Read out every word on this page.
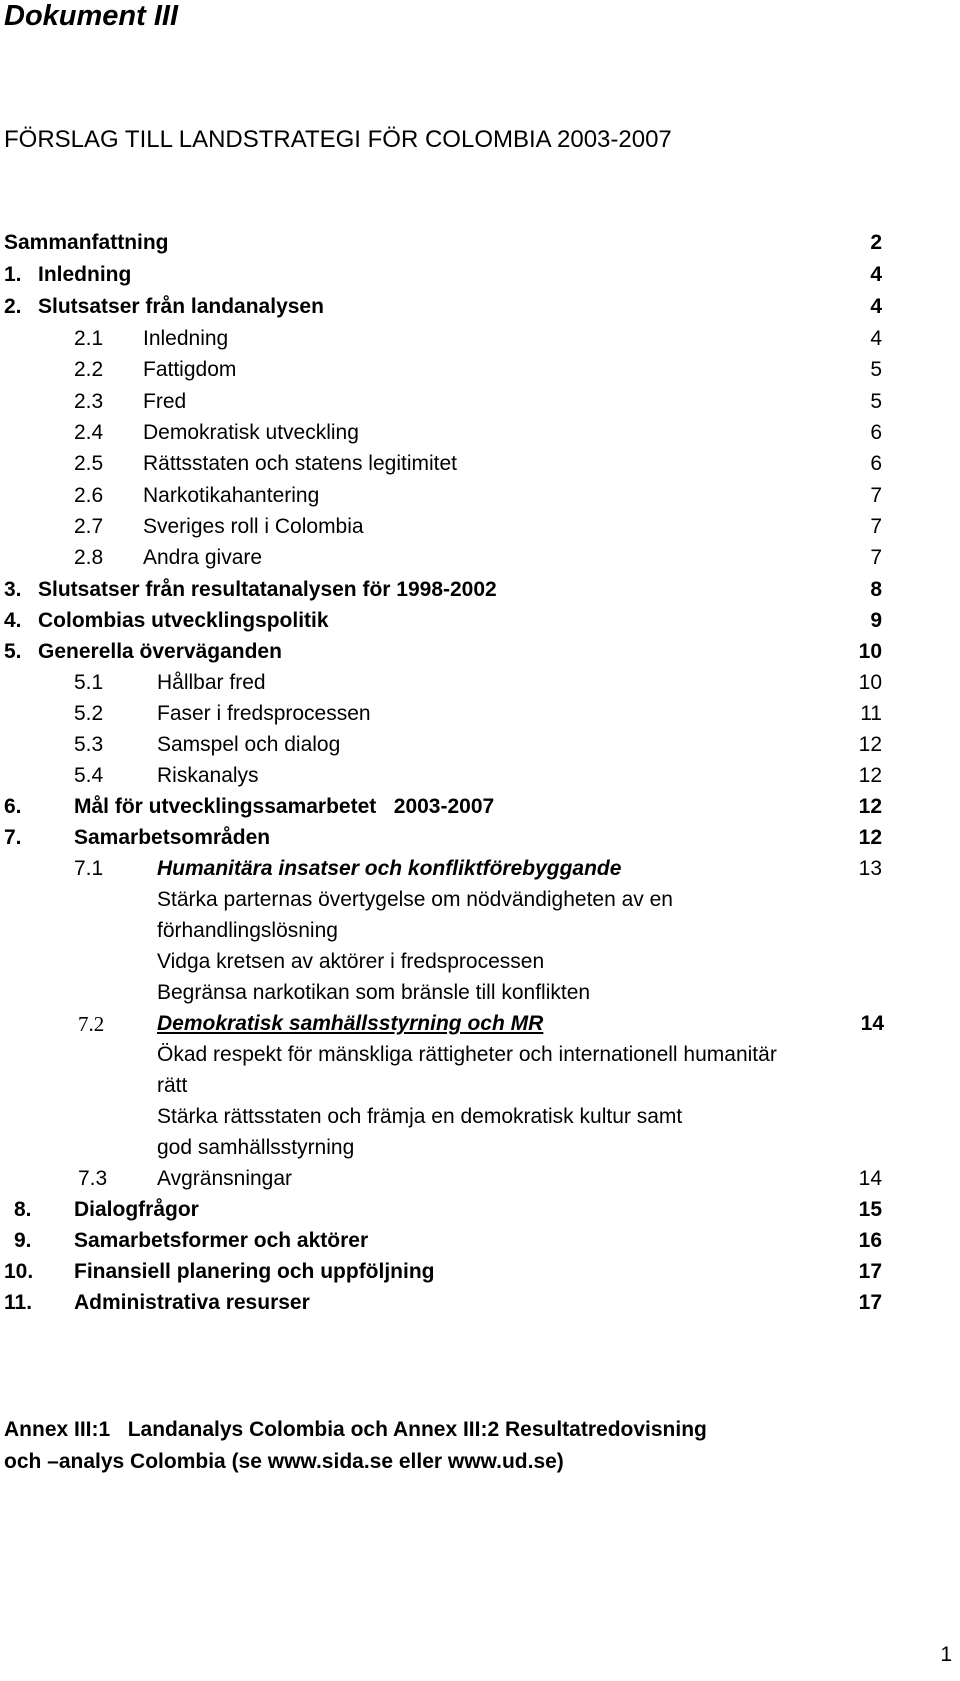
Dokument III
FÖRSLAG TILL LANDSTRATEGI FÖR COLOMBIA 2003-2007
Sammanfattning	2
1. Inledning	4
2. Slutsatser från landanalysen	4
2.1 Inledning	4
2.2 Fattigdom	5
2.3 Fred	5
2.4 Demokratisk utveckling	6
2.5 Rättsstaten och statens legitimitet	6
2.6 Narkotikahantering	7
2.7 Sveriges roll i Colombia	7
2.8 Andra givare	7
3. Slutsatser från resultatanalysen för 1998-2002	8
4. Colombias utvecklingspolitik	9
5. Generella överväganden	10
5.1	Hållbar fred	10
5.2	Faser i fredsprocessen	11
5.3	Samspel och dialog	12
5.4	Riskanalys	12
6. Mål för utvecklingssamarbetet   2003-2007	12
7. Samarbetsområden	12
7.1	Humanitära insatser och konfliktförebyggande	13
Stärka parternas övertygelse om nödvändigheten av en
förhandlingslösning
Vidga kretsen av aktörer i fredsprocessen
Begränsa narkotikan som bränsle till konflikten
7.2	Demokratisk samhällsstyrning och MR	14
Ökad respekt för mänskliga rättigheter och internationell humanitär
rätt
Stärka rättsstaten och främja en demokratisk kultur samt
god samhällsstyrning
7.3 Avgränsningar	14
8. Dialogfrågor	15
9. Samarbetsformer och aktörer	16
10. Finansiell planering och uppföljning	17
11. Administrativa resurser	17
Annex III:1   Landanalys Colombia och Annex III:2 Resultatredovisning
och –analys Colombia (se www.sida.se eller www.ud.se)
1
